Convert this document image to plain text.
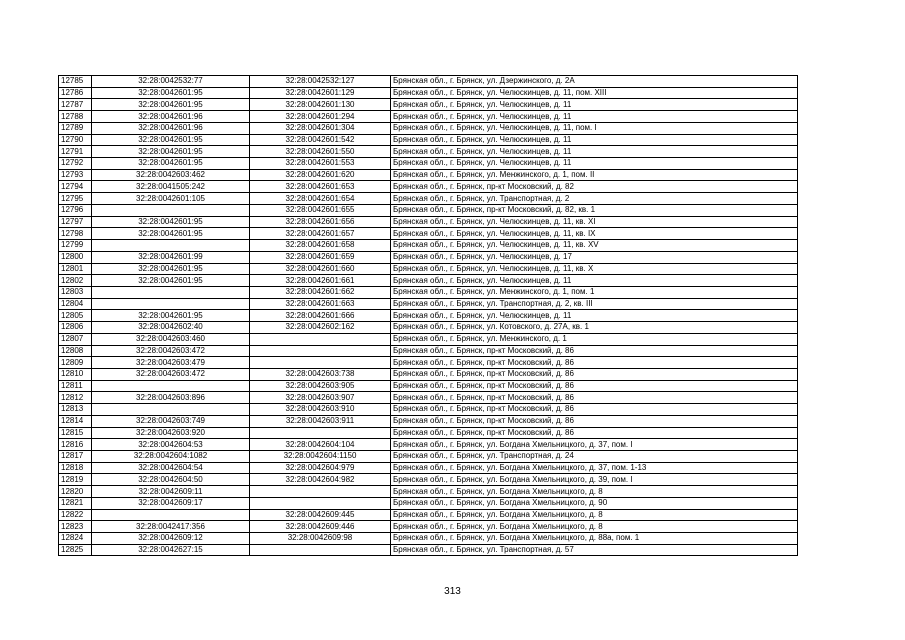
12785	32:28:0042532:77	32:28:0042532:127	Брянская обл., г. Брянск, ул. Дзержинского, д. 2А
12786	32:28:0042601:95	32:28:0042601:129	Брянская обл., г. Брянск, ул. Челюскинцев, д. 11, пом. XIII
12787	32:28:0042601:95	32:28:0042601:130	Брянская обл., г. Брянск, ул. Челюскинцев, д. 11
12788	32:28:0042601:96	32:28:0042601:294	Брянская обл., г. Брянск, ул. Челюскинцев, д. 11
12789	32:28:0042601:96	32:28:0042601:304	Брянская обл., г. Брянск, ул. Челюскинцев, д. 11, пом. I
12790	32:28:0042601:95	32:28:0042601:542	Брянская обл., г. Брянск, ул. Челюскинцев, д. 11
12791	32:28:0042601:95	32:28:0042601:550	Брянская обл., г. Брянск, ул. Челюскинцев, д. 11
12792	32:28:0042601:95	32:28:0042601:553	Брянская обл., г. Брянск, ул. Челюскинцев, д. 11
12793	32:28:0042603:462	32:28:0042601:620	Брянская обл., г. Брянск, ул. Менжинского, д. 1, пом. II
12794	32:28:0041505:242	32:28:0042601:653	Брянская обл., г. Брянск, пр-кт Московский, д. 82
12795	32:28:0042601:105	32:28:0042601:654	Брянская обл., г. Брянск, ул. Транспортная, д. 2
12796		32:28:0042601:655	Брянская обл., г. Брянск, пр-кт Московский, д. 82, кв. 1
12797	32:28:0042601:95	32:28:0042601:656	Брянская обл., г. Брянск, ул. Челюскинцев, д. 11, кв. XI
12798	32:28:0042601:95	32:28:0042601:657	Брянская обл., г. Брянск, ул. Челюскинцев, д. 11, кв. IX
12799		32:28:0042601:658	Брянская обл., г. Брянск, ул. Челюскинцев, д. 11, кв. XV
12800	32:28:0042601:99	32:28:0042601:659	Брянская обл., г. Брянск, ул. Челюскинцев, д. 17
12801	32:28:0042601:95	32:28:0042601:660	Брянская обл., г. Брянск, ул. Челюскинцев, д. 11, кв. X
12802	32:28:0042601:95	32:28:0042601:661	Брянская обл., г. Брянск, ул. Челюскинцев, д. 11
12803		32:28:0042601:662	Брянская обл., г. Брянск, ул. Менжинского, д. 1, пом. 1
12804		32:28:0042601:663	Брянская обл., г. Брянск, ул. Транспортная, д. 2, кв. III
12805	32:28:0042601:95	32:28:0042601:666	Брянская обл., г. Брянск, ул. Челюскинцев, д. 11
12806	32:28:0042602:40	32:28:0042602:162	Брянская обл., г. Брянск, ул. Котовского, д. 27А, кв. 1
12807	32:28:0042603:460		Брянская обл., г. Брянск, ул. Менжинского, д. 1
12808	32:28:0042603:472		Брянская обл., г. Брянск, пр-кт Московский, д. 86
12809	32:28:0042603:479		Брянская обл., г. Брянск, пр-кт Московский, д. 86
12810	32:28:0042603:472	32:28:0042603:738	Брянская обл., г. Брянск, пр-кт Московский, д. 86
12811		32:28:0042603:905	Брянская обл., г. Брянск, пр-кт Московский, д. 86
12812	32:28:0042603:896	32:28:0042603:907	Брянская обл., г. Брянск, пр-кт Московский, д. 86
12813		32:28:0042603:910	Брянская обл., г. Брянск, пр-кт Московский, д. 86
12814	32:28:0042603:749	32:28:0042603:911	Брянская обл., г. Брянск, пр-кт Московский, д. 86
12815	32:28:0042603:920		Брянская обл., г. Брянск, пр-кт Московский, д. 86
12816	32:28:0042604:53	32:28:0042604:104	Брянская обл., г. Брянск, ул. Богдана Хмельницкого, д. 37, пом. I
12817	32:28:0042604:1082	32:28:0042604:1150	Брянская обл., г. Брянск, ул. Транспортная, д. 24
12818	32:28:0042604:54	32:28:0042604:979	Брянская обл., г. Брянск, ул. Богдана Хмельницкого, д. 37, пом. 1-13
12819	32:28:0042604:50	32:28:0042604:982	Брянская обл., г. Брянск, ул. Богдана Хмельницкого, д. 39, пом. I
12820	32:28:0042609:11		Брянская обл., г. Брянск, ул. Богдана Хмельницкого, д. 8
12821	32:28:0042609:17		Брянская обл., г. Брянск, ул. Богдана Хмельницкого, д. 90
12822		32:28:0042609:445	Брянская обл., г. Брянск, ул. Богдана Хмельницкого, д. 8
12823	32:28:0042417:356	32:28:0042609:446	Брянская обл., г. Брянск, ул. Богдана Хмельницкого, д. 8
12824	32:28:0042609:12	32:28:0042609:98	Брянская обл., г. Брянск, ул. Богдана Хмельницкого, д. 88а, пом. 1
12825	32:28:0042627:15		Брянская обл., г. Брянск, ул. Транспортная, д. 57
313
